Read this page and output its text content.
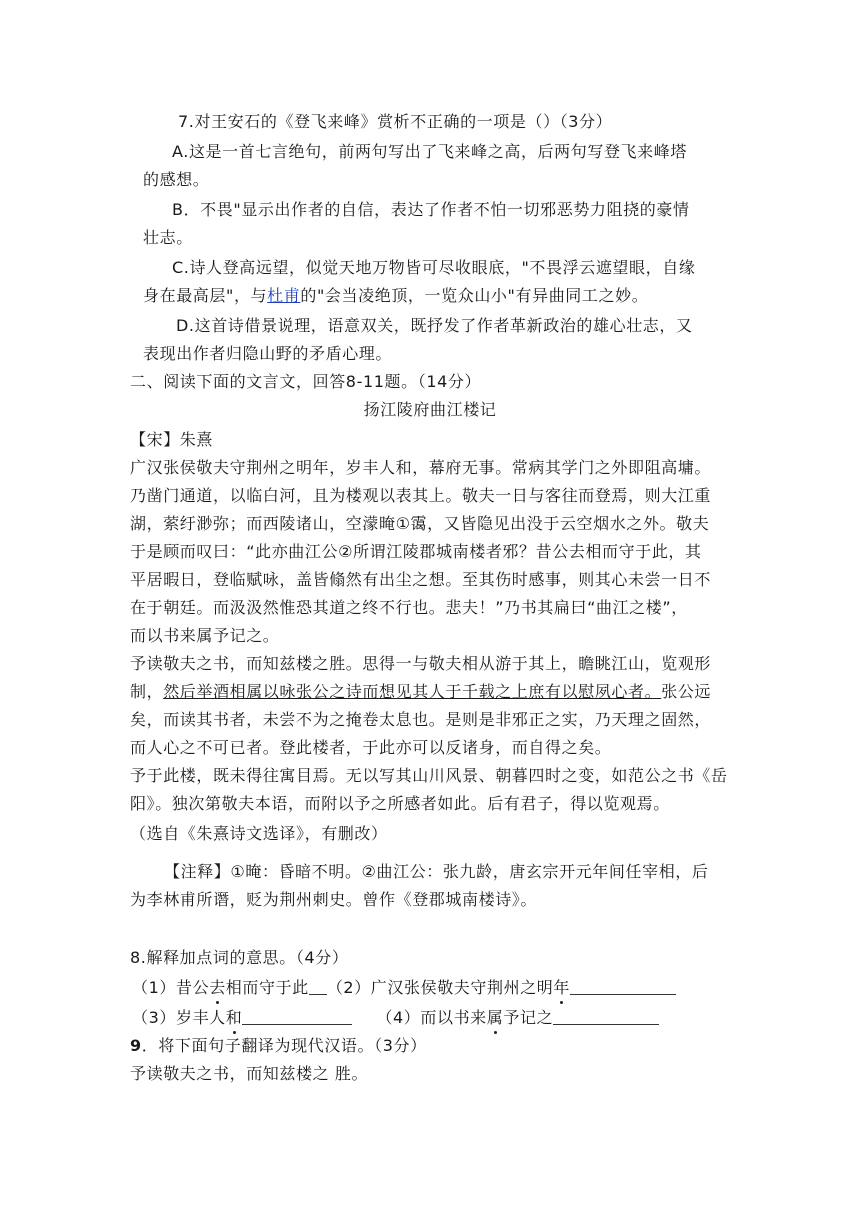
7.对王安石的《登飞来峰》赏析不正确的一项是（）（3分）
A.这是一首七言绝句，前两句写出了飞来峰之高，后两句写登飞来峰塔
的感想。
B．不畏"显示出作者的自信，表达了作者不怕一切邪恶势力阻挠的豪情
壮志。
C.诗人登高远望，似觉天地万物皆可尽收眼底，"不畏浮云遮望眼，自缘
身在最高层"，与杜甫的"会当凌绝顶，一览众山小"有异曲同工之妙。
D.这首诗借景说理，语意双关，既抒发了作者革新政治的雄心壮志，又
表现出作者归隐山野的矛盾心理。
二、阅读下面的文言文，回答8-11题。（14分）
扬江陵府曲江楼记
【宋】朱熹
广汉张侯敬夫守荆州之明年，岁丰人和，幕府无事。常病其学门之外即阻高墉。
乃凿门通道，以临白河，且为楼观以表其上。敬夫一日与客往而登焉，则大江重
湖，萦纡渺弥；而西陵诸山，空濛晻①霭，又皆隐见出没于云空烟水之外。敬夫
于是顾而叹曰：“此亦曲江公②所谓江陵郡城南楼者邪？昔公去相而守于此，其
平居暇日，登临赋咏，盖皆翛然有出尘之想。至其伤时感事，则其心未尝一日不
在于朝廷。而汲汲然惟恐其道之终不行也。悲夫！”乃书其扁曰“曲江之楼”，
而以书来属予记之。
予读敬夫之书，而知兹楼之胜。思得一与敬夫相从游于其上，瞻眺江山，览观形
制，然后举酒相属以咏张公之诗而想见其人于千载之上庶有以慰夙心者。张公远
矣，而读其书者，未尝不为之掩卷太息也。是则是非邪正之实，乃天理之固然，
而人心之不可已者。登此楼者，于此亦可以反诸身，而自得之矣。
予于此楼，既未得往寓目焉。无以写其山川风景、朝暮四时之变，如范公之书《岳
阳》。独次第敬夫本语，而附以予之所感者如此。后有君子，得以览观焉。
（选自《朱熹诗文选译》，有删改）
【注释】①晻：昏暗不明。②曲江公：张九龄，唐玄宗开元年间任宰相，后
为李林甫所谮，贬为荆州刺史。曾作《登郡城南楼诗》。
8.解释加点词的意思。（4分）
（1）昔公去相而守于此 （2）广汉张侯敬夫守荆州之明年
（3）岁丰人和	（4）而以书来属予记之
9．将下面句子翻译为现代汉语。（3分）
予读敬夫之书，而知兹楼之 胜。
